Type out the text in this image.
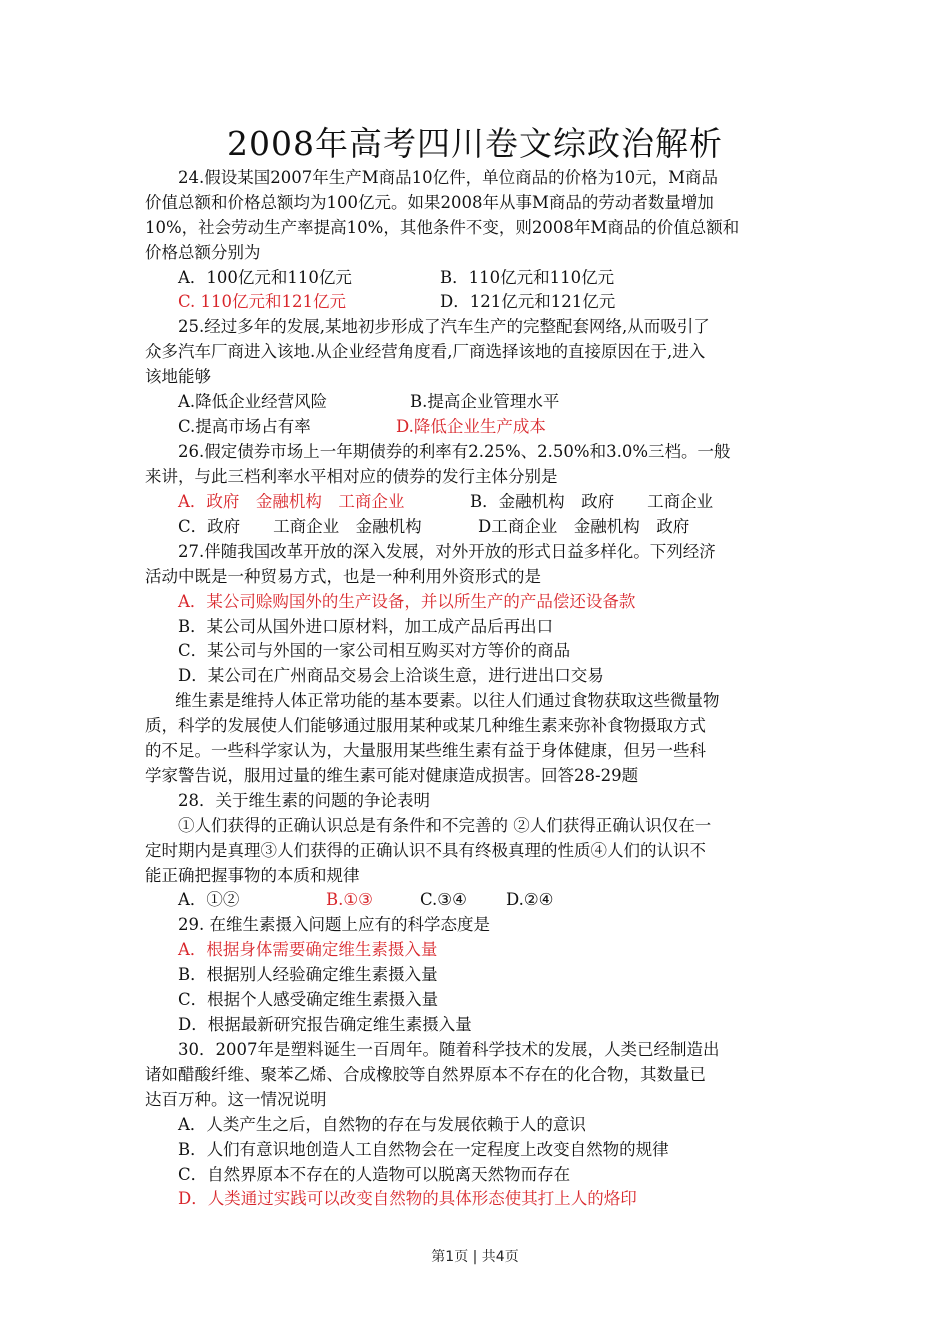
2008年高考四川卷文综政治解析
24.假设某国2007年生产M商品10亿件，单位商品的价格为10元，M商品
价值总额和价格总额均为100亿元。如果2008年从事M商品的劳动者数量增加
10%，社会劳动生产率提高10%，其他条件不变，则2008年M商品的价值总额和
价格总额分别为
A．100亿元和110亿元	B．110亿元和110亿元
C. 110亿元和121亿元	D．121亿元和121亿元
25.经过多年的发展,某地初步形成了汽车生产的完整配套网络,从而吸引了
众多汽车厂商进入该地.从企业经营角度看,厂商选择该地的直接原因在于,进入
该地能够
A.降低企业经营风险	B.提高企业管理水平
C.提高市场占有率	D.降低企业生产成本
26.假定债券市场上一年期债券的利率有2.25%、2.50%和3.0%三档。一般
来讲，与此三档利率水平相对应的债券的发行主体分别是
A．政府　金融机构　工商企业	B．金融机构　政府　　工商企业
C．政府　　工商企业　金融机构	D工商企业　金融机构　政府
27.伴随我国改革开放的深入发展，对外开放的形式日益多样化。下列经济
活动中既是一种贸易方式，也是一种利用外资形式的是
A．某公司赊购国外的生产设备，并以所生产的产品偿还设备款
B．某公司从国外进口原材料，加工成产品后再出口
C．某公司与外国的一家公司相互购买对方等价的商品
D．某公司在广州商品交易会上洽谈生意，进行进出口交易
维生素是维持人体正常功能的基本要素。以往人们通过食物获取这些微量物
质，科学的发展使人们能够通过服用某种或某几种维生素来弥补食物摄取方式
的不足。一些科学家认为，大量服用某些维生素有益于身体健康，但另一些科
学家警告说，服用过量的维生素可能对健康造成损害。回答28-29题
28．关于维生素的问题的争论表明
①人们获得的正确认识总是有条件和不完善的 ②人们获得正确认识仅在一
定时期内是真理③人们获得的正确认识不具有终极真理的性质④人们的认识不
能正确把握事物的本质和规律
A．①②	B.①③	C.③④ D.②④
29. 在维生素摄入问题上应有的科学态度是
A．根据身体需要确定维生素摄入量
B．根据别人经验确定维生素摄入量
C．根据个人感受确定维生素摄入量
D．根据最新研究报告确定维生素摄入量
30．2007年是塑料诞生一百周年。随着科学技术的发展，人类已经制造出
诸如醋酸纤维、聚苯乙烯、合成橡胶等自然界原本不存在的化合物，其数量已
达百万种。这一情况说明
A．人类产生之后，自然物的存在与发展依赖于人的意识
B．人们有意识地创造人工自然物会在一定程度上改变自然物的规律
C．自然界原本不存在的人造物可以脱离天然物而存在
D．人类通过实践可以改变自然物的具体形态使其打上人的烙印
第1页 | 共4页
